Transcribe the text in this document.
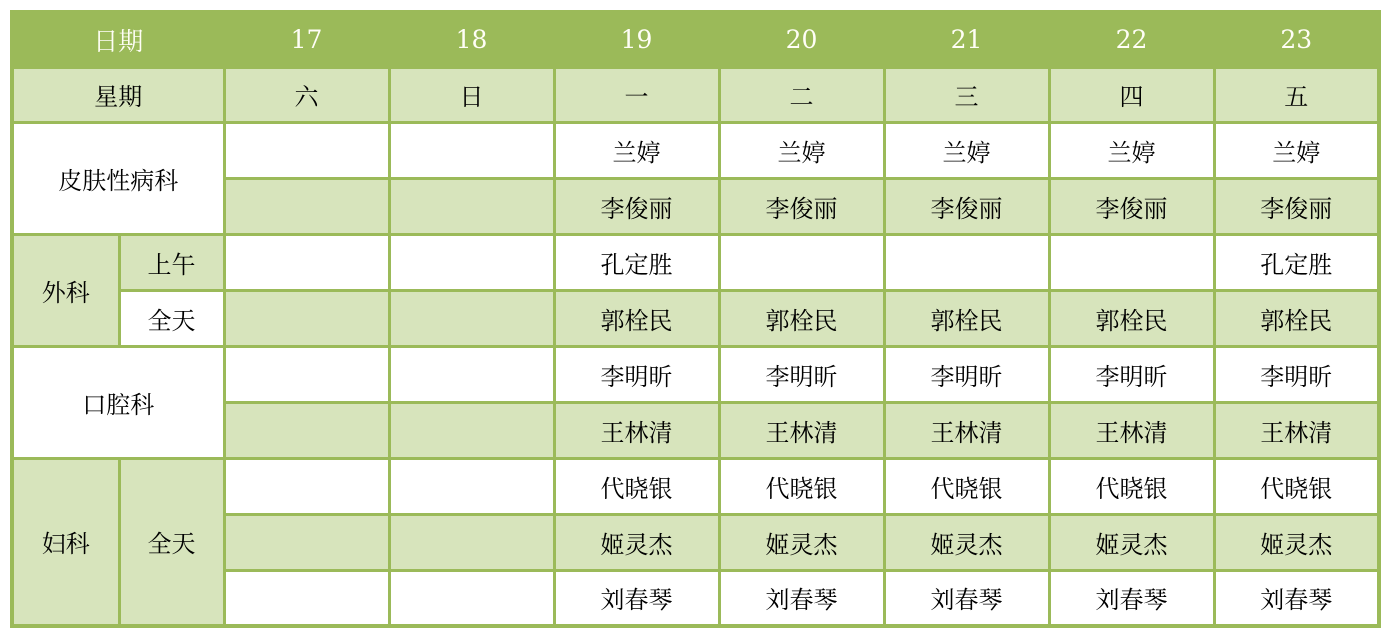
日期		17	18	19	20	21	22	23
星期		六	日	一	二	三	四	五
皮肤性病科				兰婷	兰婷	兰婷	兰婷	兰婷
				李俊丽	李俊丽	李俊丽	李俊丽	李俊丽
外科	上午			孔定胜				孔定胜
	全天			郭栓民	郭栓民	郭栓民	郭栓民	郭栓民
口腔科				李明昕	李明昕	李明昕	李明昕	李明昕
				王林清	王林清	王林清	王林清	王林清
妇科	全天			代晓银	代晓银	代晓银	代晓银	代晓银
				姬灵杰	姬灵杰	姬灵杰	姬灵杰	姬灵杰
				刘春琴	刘春琴	刘春琴	刘春琴	刘春琴
